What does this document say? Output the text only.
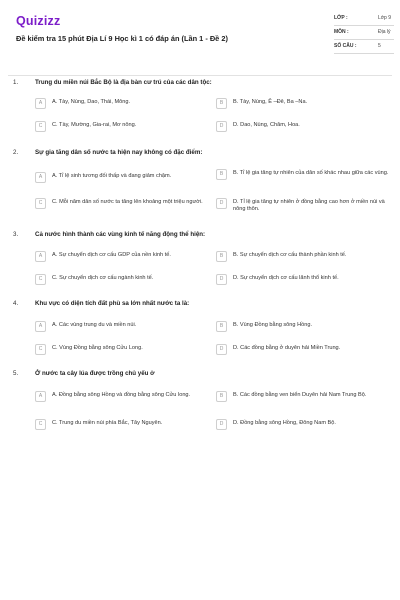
Quizizz
Đề kiểm tra 15 phút Địa Lí 9 Học kì 1 có đáp án (Lần 1 - Đề 2)
LỚP :	Lớp 9
MÔN :	Địa lý
SỐ CÂU :	5
1.	Trung du miền núi Bắc Bộ là địa bàn cư trú của các dân tộc:
A	A. Tày, Nùng, Dao, Thái, Mông.	B	B. Tày, Nùng, Ê –Đê, Ba –Na.
C	C. Tày, Mường, Gia-rai, Mơ nông.	D	D. Dao, Nùng, Chăm, Hoa.
2.	Sự gia tăng dân số nước ta hiện nay không có đặc điểm:
A	A. Tỉ lệ sinh tương đối thấp và đang giảm chậm.	B	B. Tỉ lệ gia tăng tự nhiên của dân số khác nhau giữa các vùng.
C	C. Mỗi năm dân số nước ta tăng lên khoảng một triệu người.	D	D. Tỉ lệ gia tăng tự nhiên ở đồng bằng cao hơn ở miền núi và nông thôn.
3.	Cả nước hình thành các vùng kinh tế năng động thể hiện:
A	A. Sự chuyển dịch cơ cấu GDP của nền kinh tế.	B	B. Sự chuyển dịch cơ cấu thành phần kinh tế.
C	C. Sự chuyển dịch cơ cấu ngành kinh tế.	D	D. Sự chuyển dịch cơ cấu lãnh thổ kinh tế.
4.	Khu vực có diện tích đất phù sa lớn nhất nước ta là:
A	A. Các vùng trung du và miền núi.	B	B. Vùng Đồng bằng sông Hồng.
C	C. Vùng Đồng bằng sông Cửu Long.	D	D. Các đồng bằng ở duyên hải Miền Trung.
5.	Ở nước ta cây lúa được trồng chủ yếu ở
A	A. Đồng bằng sông Hồng và đồng bằng sông Cửu long.	B	B. Các đồng bằng ven biển Duyên hải Nam Trung Bộ.
C	C. Trung du miền núi phía Bắc, Tây Nguyên.	D	D. Đồng bằng sông Hồng, Đông Nam Bộ.
